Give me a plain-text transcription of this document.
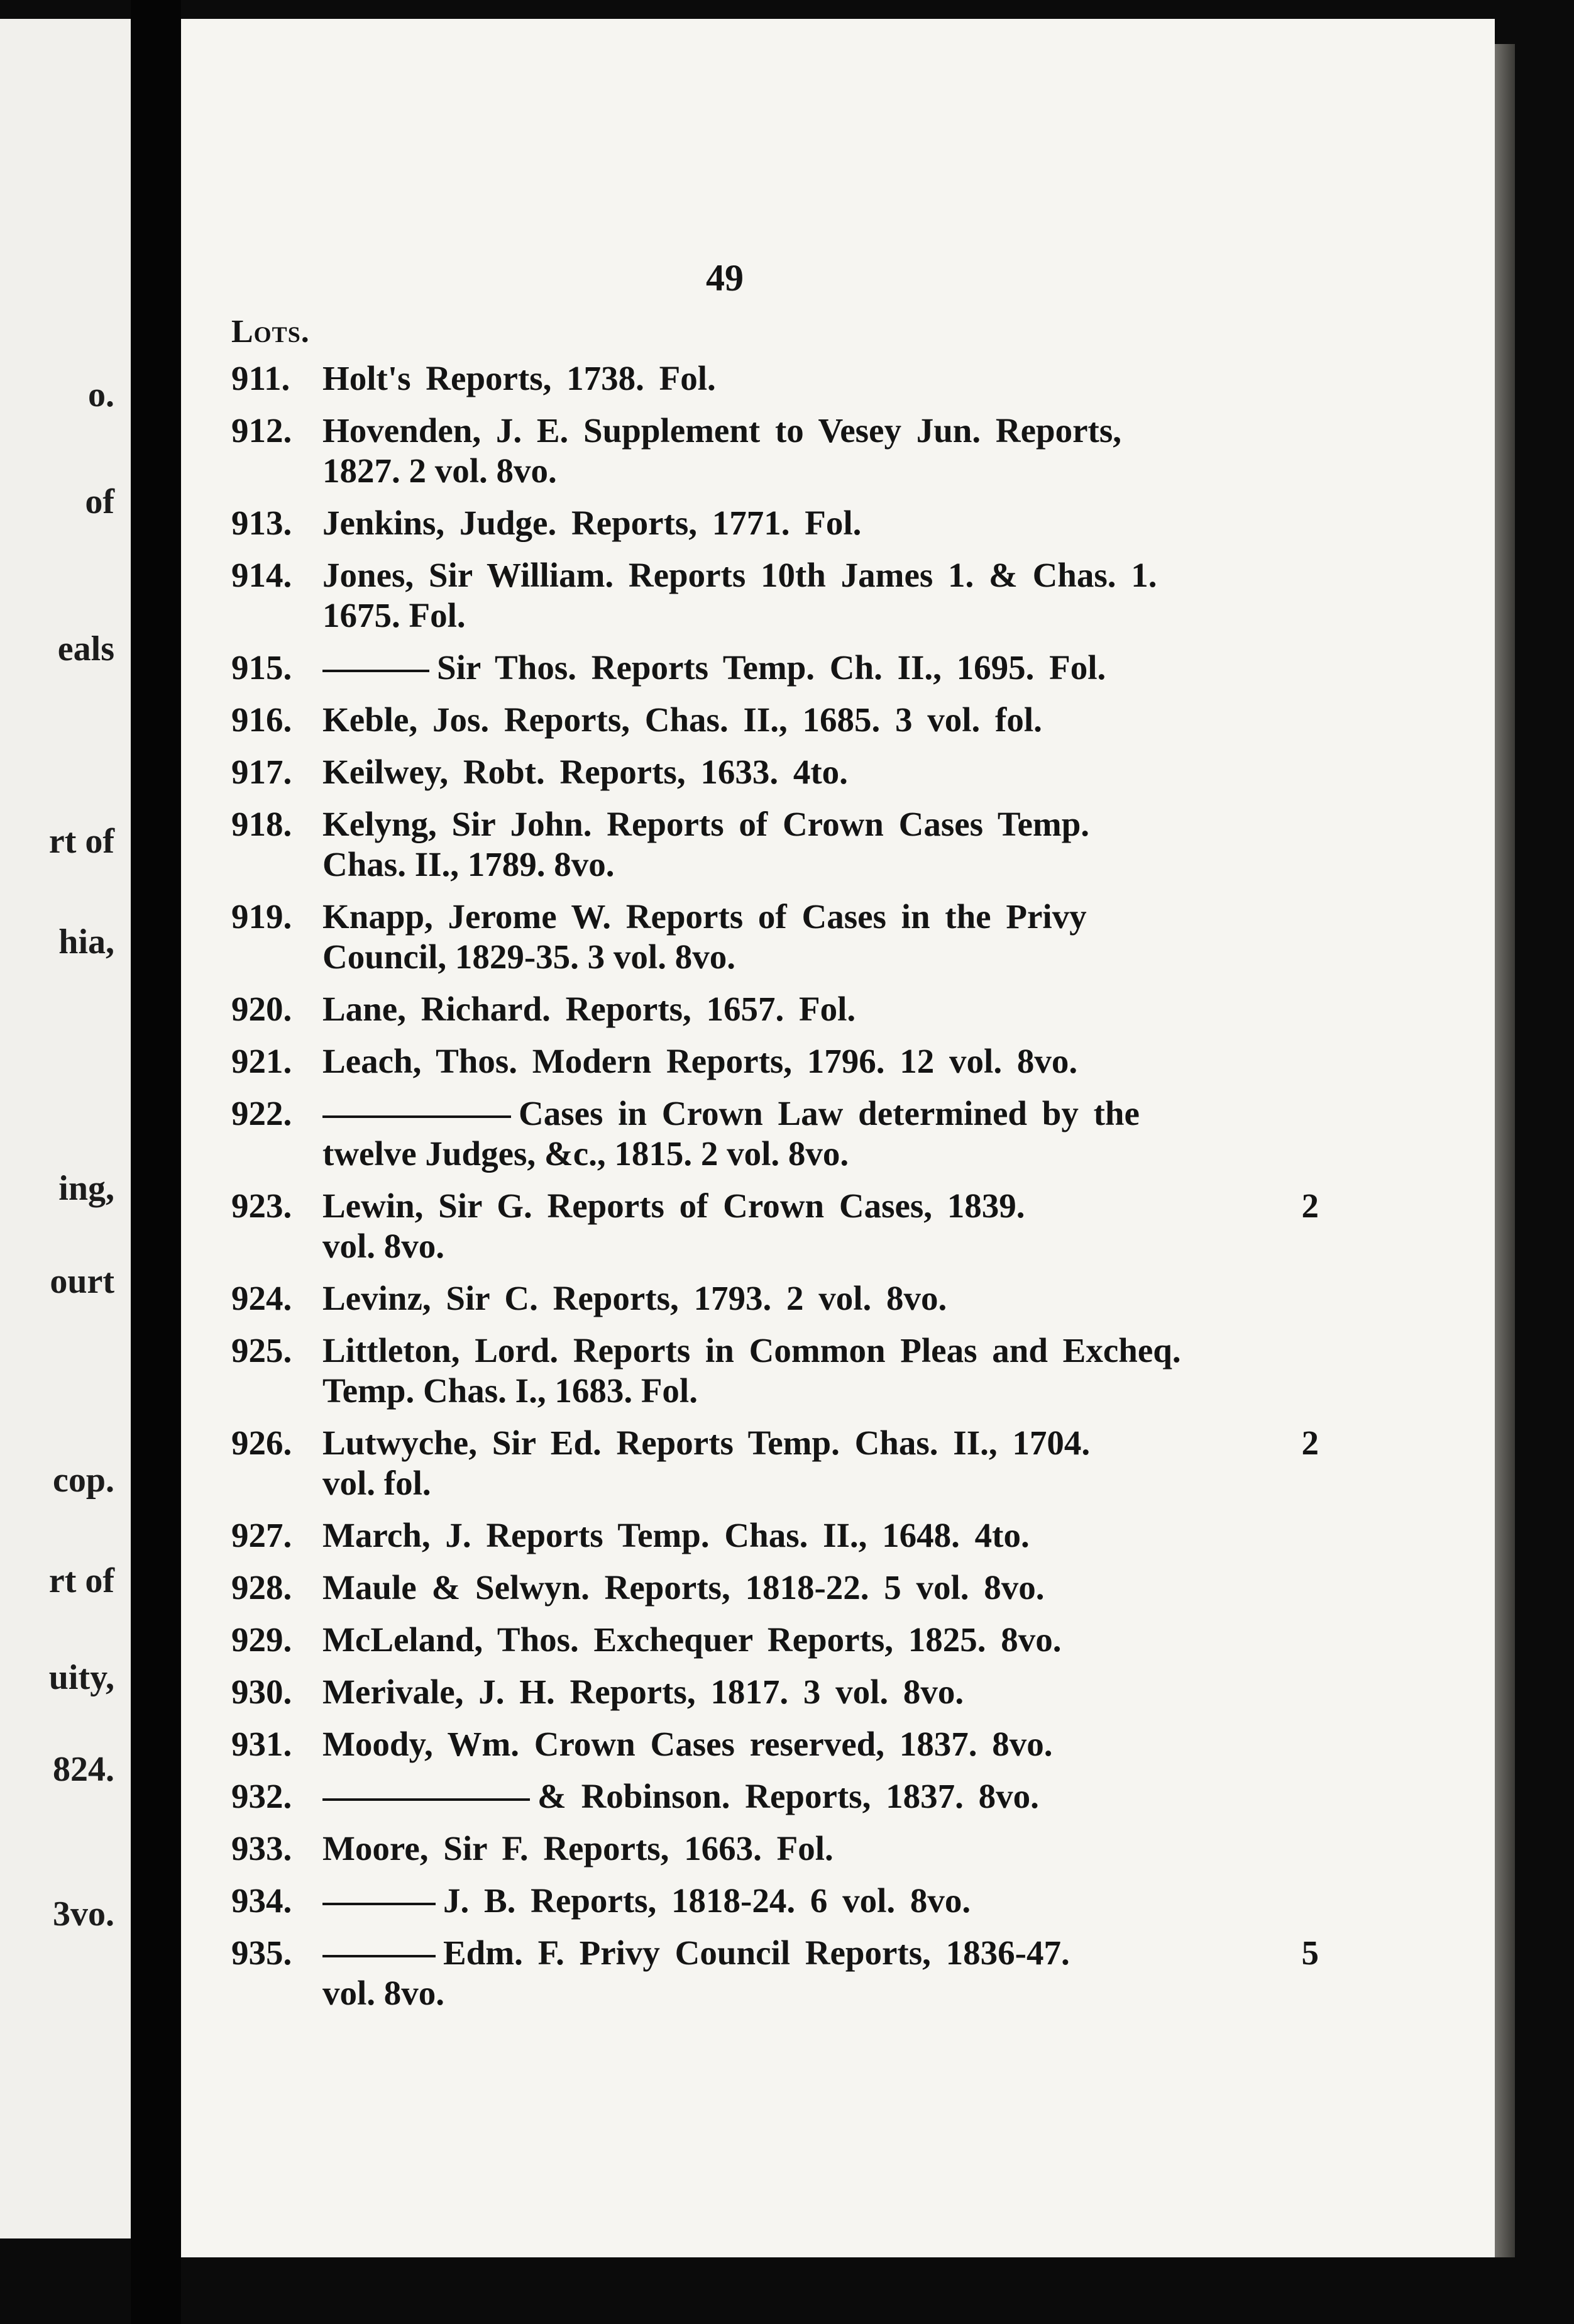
o.
of
eals
rt of
hia,
ing,
ourt
cop.
rt of
uity,
824.
3vo.
49
Lots.
911. Holt's Reports, 1738. Fol.
912. Hovenden, J. E. Supplement to Vesey Jun. Reports,
1827. 2 vol. 8vo.
913. Jenkins, Judge. Reports, 1771. Fol.
914. Jones, Sir William. Reports 10th James 1. & Chas. 1.
1675. Fol.
915.	Sir Thos. Reports Temp. Ch. II., 1695. Fol.
916. Keble, Jos. Reports, Chas. II., 1685. 3 vol. fol.
917. Keilwey, Robt. Reports, 1633. 4to.
918. Kelyng, Sir John. Reports of Crown Cases Temp.
Chas. II., 1789. 8vo.
919. Knapp, Jerome W. Reports of Cases in the Privy
Council, 1829-35. 3 vol. 8vo.
920. Lane, Richard. Reports, 1657. Fol.
921. Leach, Thos. Modern Reports, 1796. 12 vol. 8vo.
922.	Cases in Crown Law determined by the
twelve Judges, &c., 1815. 2 vol. 8vo.
923. Lewin, Sir G. Reports of Crown Cases, 1839.	2
vol. 8vo.
924. Levinz, Sir C. Reports, 1793. 2 vol. 8vo.
925. Littleton, Lord. Reports in Common Pleas and Excheq.
Temp. Chas. I., 1683. Fol.
926. Lutwyche, Sir Ed. Reports Temp. Chas. II., 1704.	2
vol. fol.
927. March, J. Reports Temp. Chas. II., 1648. 4to.
928. Maule & Selwyn. Reports, 1818-22. 5 vol. 8vo.
929. McLeland, Thos. Exchequer Reports, 1825. 8vo.
930. Merivale, J. H. Reports, 1817. 3 vol. 8vo.
931. Moody, Wm. Crown Cases reserved, 1837. 8vo.
932.	& Robinson. Reports, 1837. 8vo.
933. Moore, Sir F. Reports, 1663. Fol.
934.	J. B. Reports, 1818-24. 6 vol. 8vo.
935.	Edm. F. Privy Council Reports, 1836-47.	5
vol. 8vo.
